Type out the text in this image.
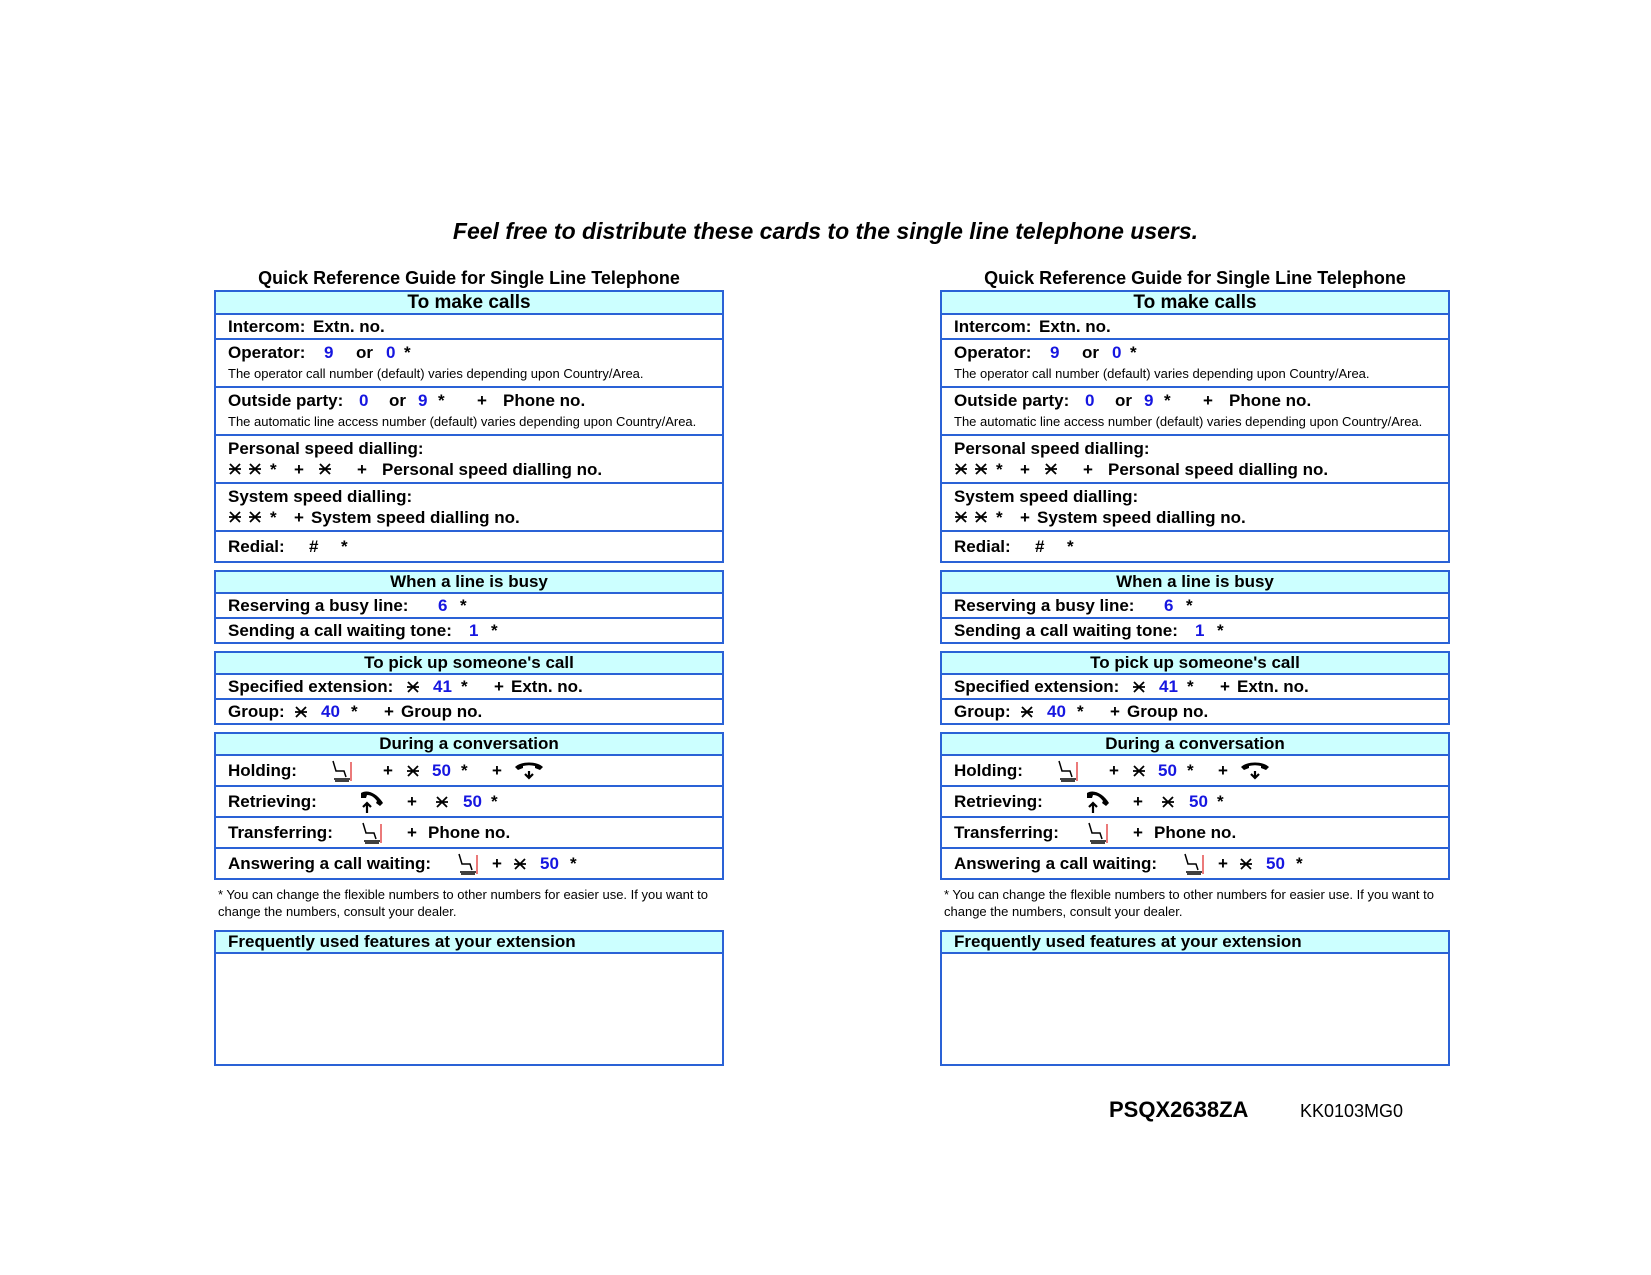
Feel free to distribute these cards to the single line telephone users.
Quick Reference Guide for Single Line Telephone
To make calls
Intercom: Extn. no.
Operator: 9 or 0 *
The operator call number (default) varies depending upon Country/Area.
Outside party: 0 or 9 * + Phone no.
The automatic line access number (default) varies depending upon Country/Area.
Personal speed dialling:
* +	+ Personal speed dialling no.
System speed dialling:
* + System speed dialling no.
Redial: # *
When a line is busy
Reserving a busy line: 6 *
Sending a call waiting tone: 1 *
To pick up someone's call
Specified extension: 41 * + Extn. no.
Group: 40 * + Group no.
During a conversation
Holding:	+ 50 * +
Retrieving:	+	50 *
Transferring:	+ Phone no.
Answering a call waiting:	+ 50 *
* You can change the flexible numbers to other numbers for easier use. If you want to change the numbers, consult your dealer.
Frequently used features at your extension
Quick Reference Guide for Single Line Telephone
To make calls
Intercom: Extn. no.
Operator: 9 or 0 *
The operator call number (default) varies depending upon Country/Area.
Outside party: 0 or 9 * + Phone no.
The automatic line access number (default) varies depending upon Country/Area.
Personal speed dialling:
* +	+ Personal speed dialling no.
System speed dialling:
* + System speed dialling no.
Redial: # *
When a line is busy
Reserving a busy line: 6 *
Sending a call waiting tone: 1 *
To pick up someone's call
Specified extension: 41 * + Extn. no.
Group: 40 * + Group no.
During a conversation
Holding:	+ 50 * +
Retrieving:	+	50 *
Transferring:	+ Phone no.
Answering a call waiting:	+ 50 *
* You can change the flexible numbers to other numbers for easier use. If you want to change the numbers, consult your dealer.
Frequently used features at your extension
PSQX2638ZA	KK0103MG0
